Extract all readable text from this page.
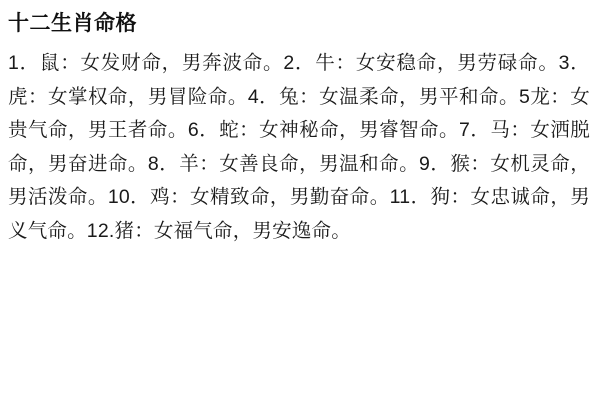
十二生肖命格

1．鼠：女发财命，男奔波命。2．牛：女安稳命，男劳碌命。3．虎：女掌权命，男冒险命。4．兔：女温柔命，男平和命。5龙：女贵气命，男王者命。6．蛇：女神秘命，男睿智命。7．马：女洒脱命，男奋进命。8．羊：女善良命，男温和命。9．猴：女机灵命，男活泼命。10．鸡：女精致命，男勤奋命。11．狗：女忠诚命，男义气命。12.猪：女福气命，男安逸命。
